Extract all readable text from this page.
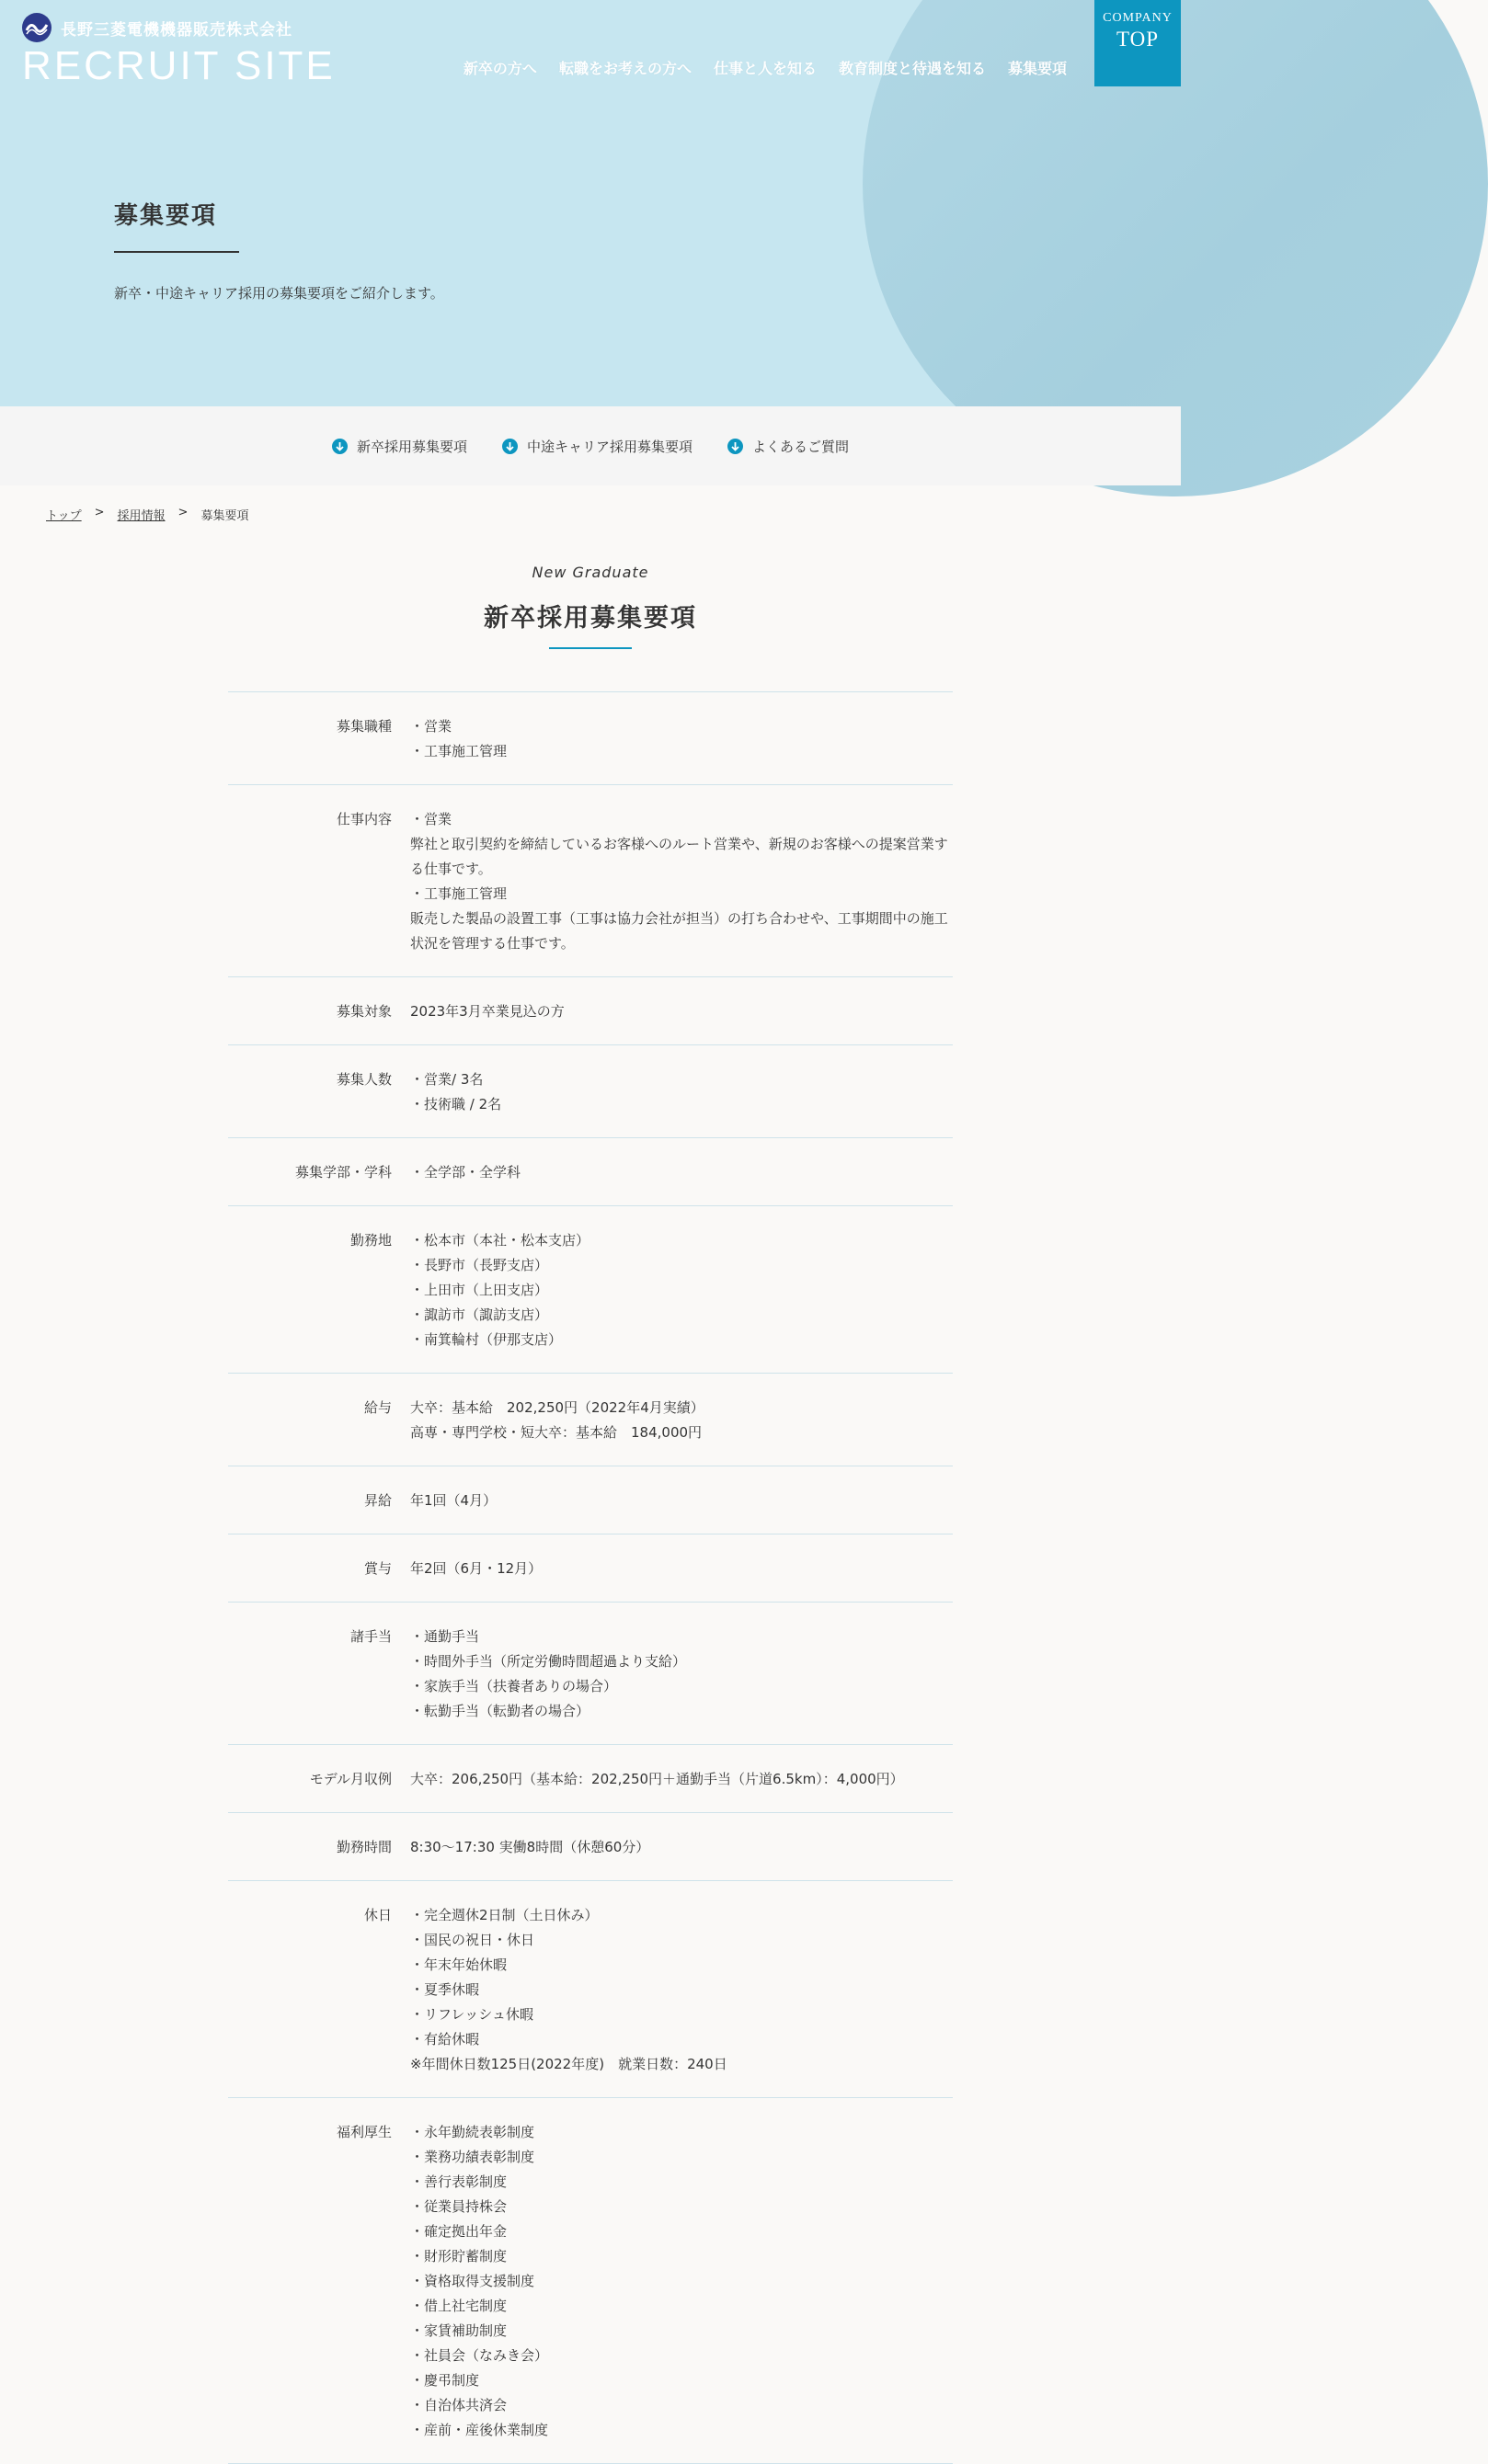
長野三菱電機機器販売株式会社
RECRUIT SITE	新卒の方へ 転職をお考えの方へ 仕事と人を知る 教育制度と待遇を知る 募集要項
COMPANY
TOP
募集要項

新卒・中途キャリア採用の募集要項をご紹介します。

新卒採用募集要項	中途キャリア採用募集要項	よくあるご質問
トップ > 採用情報 > 募集要項
New Graduate
新卒採用募集要項
募集職種	・営業
・工事施工管理
仕事内容	・営業
弊社と取引契約を締結しているお客様へのルート営業や、新規のお客様への提案営業する仕事です。
・工事施工管理
販売した製品の設置工事（工事は協力会社が担当）の打ち合わせや、工事期間中の施工状況を管理する仕事です。
募集対象	2023年3月卒業見込の方
募集人数	・営業/ 3名
・技術職 / 2名
募集学部・学科	・全学部・全学科
勤務地	・松本市（本社・松本支店）
・長野市（長野支店）
・上田市（上田支店）
・諏訪市（諏訪支店）
・南箕輪村（伊那支店）
給与	大卒：基本給　202,250円（2022年4月実績）
高専・専門学校・短大卒：基本給　184,000円
昇給	年1回（4月）
賞与	年2回（6月・12月）
諸手当	・通勤手当
・時間外手当（所定労働時間超過より支給）
・家族手当（扶養者ありの場合）
・転勤手当（転勤者の場合）
モデル月収例	大卒：206,250円（基本給：202,250円＋通勤手当（片道6.5km）：4,000円）
勤務時間	8:30～17:30 実働8時間（休憩60分）
休日	・完全週休2日制（土日休み）
・国民の祝日・休日
・年末年始休暇
・夏季休暇
・リフレッシュ休暇
・有給休暇
※年間休日数125日(2022年度)　就業日数：240日
福利厚生	・永年勤続表彰制度
・業務功績表彰制度
・善行表彰制度
・従業員持株会
・確定拠出年金
・財形貯蓄制度
・資格取得支援制度
・借上社宅制度
・家賃補助制度
・社員会（なみき会）
・慶弔制度
・自治体共済会
・産前・産後休業制度
